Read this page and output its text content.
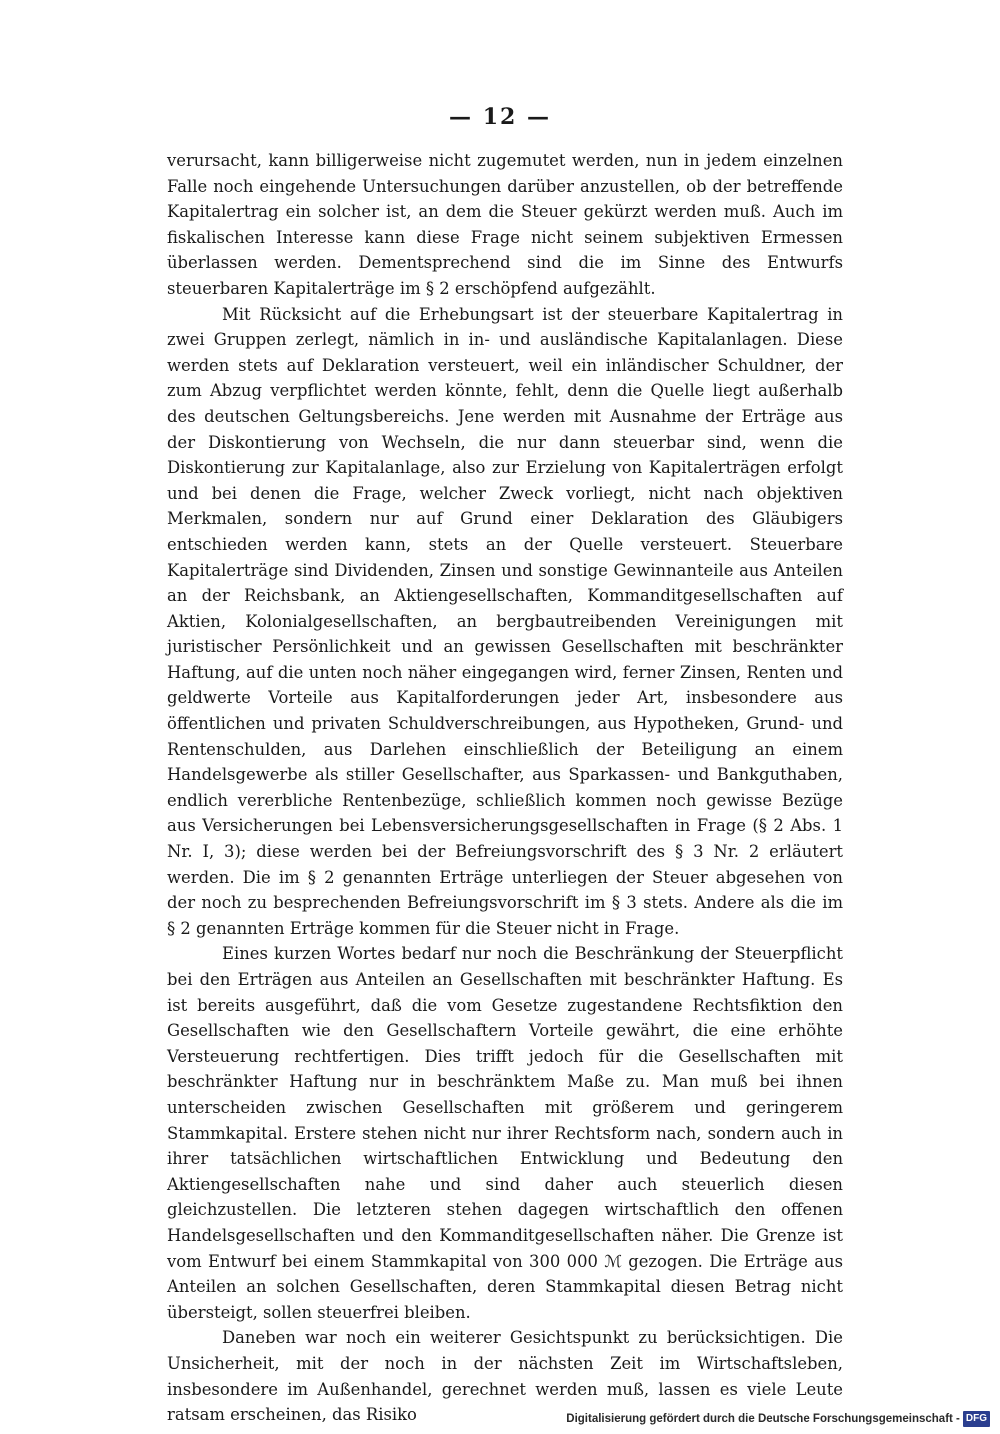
— 12 —

verursacht, kann billigerweise nicht zugemutet werden, nun in jedem einzelnen Falle noch eingehende Untersuchungen darüber anzustellen, ob der betreffende Kapitalertrag ein solcher ist, an dem die Steuer gekürzt werden muß. Auch im fiskalischen Interesse kann diese Frage nicht seinem subjektiven Ermessen überlassen werden. Dementsprechend sind die im Sinne des Entwurfs steuerbaren Kapitalerträge im § 2 erschöpfend aufgezählt.

Mit Rücksicht auf die Erhebungsart ist der steuerbare Kapitalertrag in zwei Gruppen zerlegt, nämlich in in- und ausländische Kapitalanlagen. Diese werden stets auf Deklaration versteuert, weil ein inländischer Schuldner, der zum Abzug verpflichtet werden könnte, fehlt, denn die Quelle liegt außerhalb des deutschen Geltungsbereichs. Jene werden mit Ausnahme der Erträge aus der Diskontierung von Wechseln, die nur dann steuerbar sind, wenn die Diskontierung zur Kapitalanlage, also zur Erzielung von Kapitalerträgen erfolgt und bei denen die Frage, welcher Zweck vorliegt, nicht nach objektiven Merkmalen, sondern nur auf Grund einer Deklaration des Gläubigers entschieden werden kann, stets an der Quelle versteuert. Steuerbare Kapitalerträge sind Dividenden, Zinsen und sonstige Gewinnanteile aus Anteilen an der Reichsbank, an Aktiengesellschaften, Kommanditgesellschaften auf Aktien, Kolonialgesellschaften, an bergbautreibenden Vereinigungen mit juristischer Persönlichkeit und an gewissen Gesellschaften mit beschränkter Haftung, auf die unten noch näher eingegangen wird, ferner Zinsen, Renten und geldwerte Vorteile aus Kapitalforderungen jeder Art, insbesondere aus öffentlichen und privaten Schuldverschreibungen, aus Hypotheken, Grund- und Rentenschulden, aus Darlehen einschließlich der Beteiligung an einem Handelsgewerbe als stiller Gesellschafter, aus Sparkassen- und Bankguthaben, endlich vererbliche Rentenbezüge, schließlich kommen noch gewisse Bezüge aus Versicherungen bei Lebensversicherungsgesellschaften in Frage (§ 2 Abs. 1 Nr. I, 3); diese werden bei der Befreiungsvorschrift des § 3 Nr. 2 erläutert werden. Die im § 2 genannten Erträge unterliegen der Steuer abgesehen von der noch zu besprechenden Befreiungsvorschrift im § 3 stets. Andere als die im § 2 genannten Erträge kommen für die Steuer nicht in Frage.

Eines kurzen Wortes bedarf nur noch die Beschränkung der Steuerpflicht bei den Erträgen aus Anteilen an Gesellschaften mit beschränkter Haftung. Es ist bereits ausgeführt, daß die vom Gesetze zugestandene Rechtsfiktion den Gesellschaften wie den Gesellschaftern Vorteile gewährt, die eine erhöhte Versteuerung rechtfertigen. Dies trifft jedoch für die Gesellschaften mit beschränkter Haftung nur in beschränktem Maße zu. Man muß bei ihnen unterscheiden zwischen Gesellschaften mit größerem und geringerem Stammkapital. Erstere stehen nicht nur ihrer Rechtsform nach, sondern auch in ihrer tatsächlichen wirtschaftlichen Entwicklung und Bedeutung den Aktiengesellschaften nahe und sind daher auch steuerlich diesen gleichzustellen. Die letzteren stehen dagegen wirtschaftlich den offenen Handelsgesellschaften und den Kommanditgesellschaften näher. Die Grenze ist vom Entwurf bei einem Stammkapital von 300 000 ℳ gezogen. Die Erträge aus Anteilen an solchen Gesellschaften, deren Stammkapital diesen Betrag nicht übersteigt, sollen steuerfrei bleiben.

Daneben war noch ein weiterer Gesichtspunkt zu berücksichtigen. Die Unsicherheit, mit der noch in der nächsten Zeit im Wirtschaftsleben, insbesondere im Außenhandel, gerechnet werden muß, lassen es viele Leute ratsam erscheinen, das Risiko	Digitalisierung gefördert durch die Deutsche Forschungsgemeinschaft - DFG
